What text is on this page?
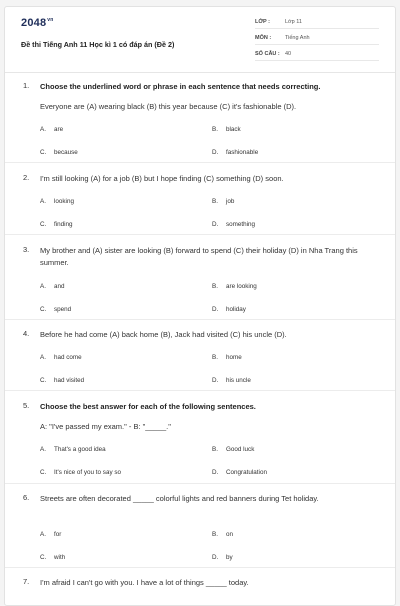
$2048^{vn}$
Đề thi Tiếng Anh 11 Học kì 1 có đáp án (Đề 2)
LỚP :	Lớp 11
MÔN :	Tiếng Anh
SỐ CÂU : 40
1. Choose the underlined word or phrase in each sentence that needs correcting.
Everyone are (A) wearing black (B) this year because (C) it's fashionable (D).
A. are	B. black
C. because	D. fashionable
2. I'm still looking (A) for a job (B) but I hope finding (C) something (D) soon.
A. looking	B. job
C. finding	D. something
3. My brother and (A) sister are looking (B) forward to spend (C) their holiday (D) in Nha Trang this summer.
A. and	B. are looking
C. spend	D. holiday
4. Before he had come (A) back home (B), Jack had visited (C) his uncle (D).
A. had come	B. home
C. had visited	D. his uncle
5. Choose the best answer for each of the following sentences.
A: "I've passed my exam." - B: "_____."
A. That's a good idea	B. Good luck
C. It's nice of you to say so	D. Congratulation
6. Streets are often decorated _____ colorful lights and red banners during Tet holiday.
A. for	B. on
C. with	D. by
7. I'm afraid I can't go with you. I have a lot of things _____ today.
